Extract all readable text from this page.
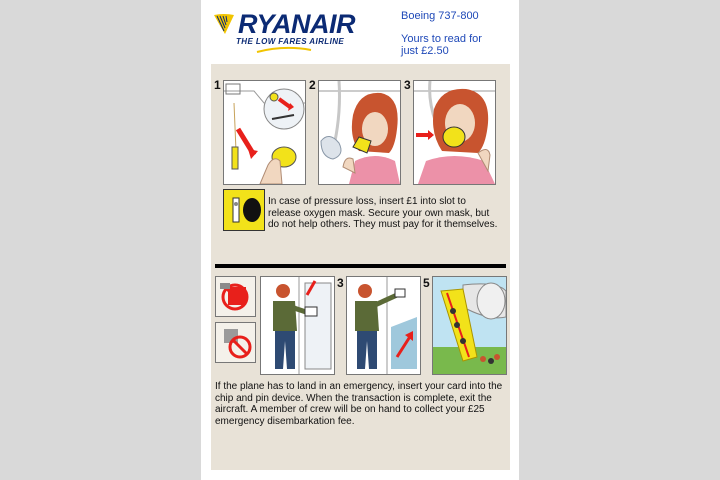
RYANAIR
THE LOW FARES AIRLINE
Boeing 737-800
Yours to read for
just £2.50
1	2	3
In case of pressure loss, insert £1 into slot to
release oxygen mask. Secure your own mask, but
do not help others. They must pay for it themselves.
3	5
If the plane has to land in an emergency, insert your card into the
chip and pin device. When the transaction is complete, exit the
aircraft. A member of crew will be on hand to collect your £25
emergency disembarkation fee.
